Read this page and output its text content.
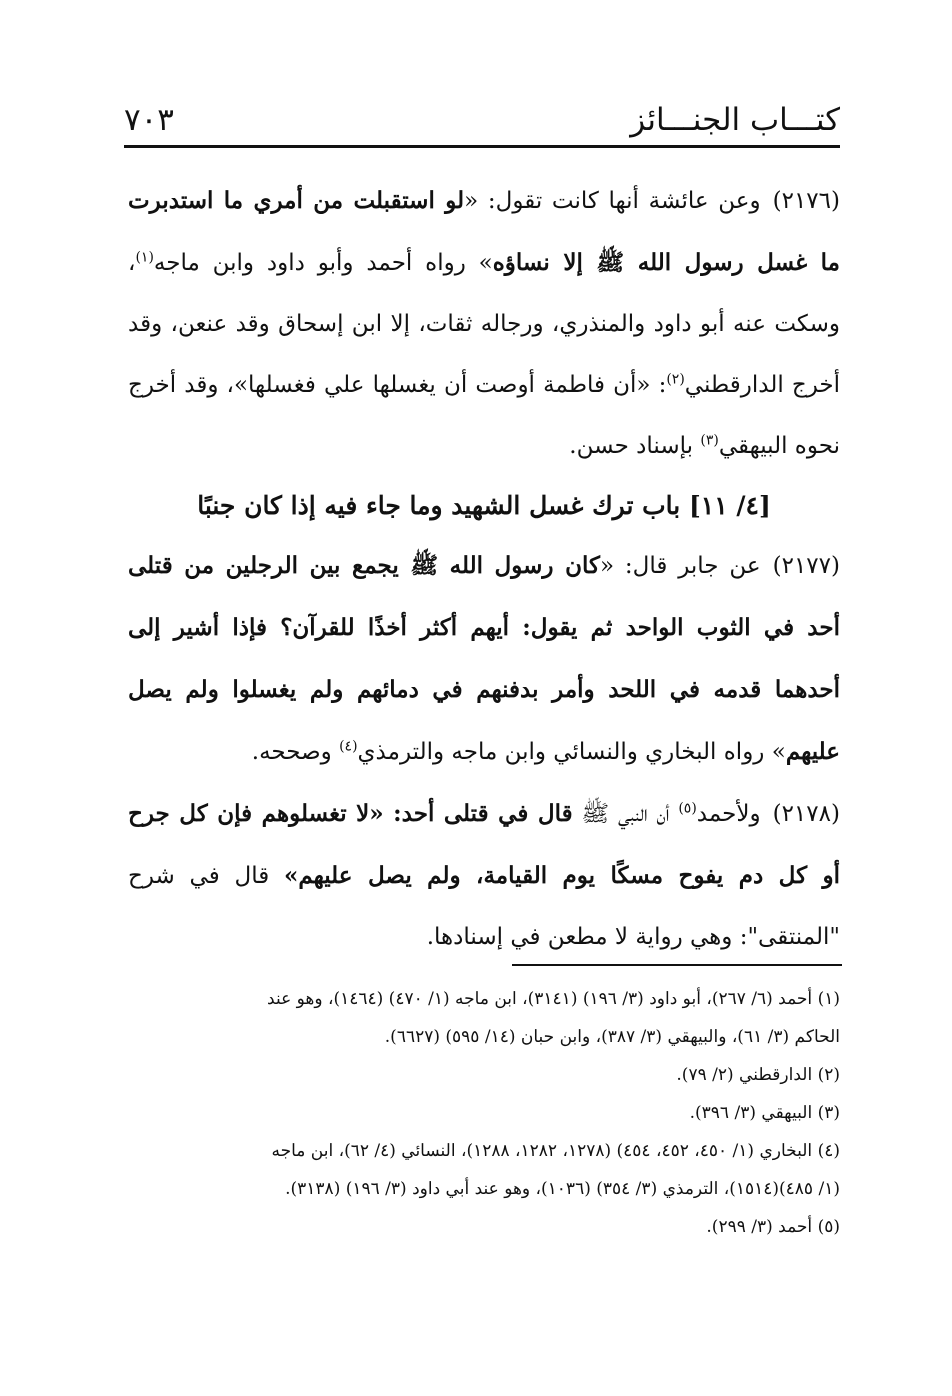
كتـــاب الجنـــائز
٧٠٣

(٢١٧٦)وعن عائشة أنها كانت تقول: «لو استقبلت من أمري ما استدبرت ما غسل رسول الله ﷺ إلا نساؤه» رواه أحمد وأبو داود وابن ماجه$^{(١)}$، وسكت عنه أبو داود والمنذري، ورجاله ثقات، إلا ابن إسحاق وقد عنعن، وقد أخرج الدارقطني$^{(٢)}$: «أن فاطمة أوصت أن يغسلها علي فغسلها»، وقد أخرج نحوه البيهقي$^{(٣)}$ بإسناد حسن.

[٤/ ١١] باب ترك غسل الشهيد وما جاء فيه إذا كان جنبًا

(٢١٧٧)عن جابر قال: «كان رسول الله ﷺ يجمع بين الرجلين من قتلى أحد في الثوب الواحد ثم يقول: أيهم أكثر أخذًا للقرآن؟ فإذا أشير إلى أحدهما قدمه في اللحد وأمر بدفنهم في دمائهم ولم يغسلوا ولم يصل عليهم» رواه البخاري والنسائي وابن ماجه والترمذي$^{(٤)}$ وصححه.

(٢١٧٨)ولأحمد$^{(٥)}$ أن النبي ﷺ قال في قتلى أحد: «لا تغسلوهم فإن كل جرح أو كل دم يفوح مسكًا يوم القيامة، ولم يصل عليهم» قال في شرح "المنتقى": وهي رواية لا مطعن في إسنادها.

(١) أحمد (٦/ ٢٦٧)، أبو داود (٣/ ١٩٦) (٣١٤١)، ابن ماجه (١/ ٤٧٠) (١٤٦٤)، وهو عند

الحاكم (٣/ ٦١)، والبيهقي (٣/ ٣٨٧)، وابن حبان (١٤/ ٥٩٥) (٦٦٢٧).

(٢) الدارقطني (٢/ ٧٩).

(٣) البيهقي (٣/ ٣٩٦).

(٤) البخاري (١/ ٤٥٠، ٤٥٢، ٤٥٤) (١٢٧٨، ١٢٨٢، ١٢٨٨)، النسائي (٤/ ٦٢)، ابن ماجه

(١/ ٤٨٥)(١٥١٤)، الترمذي (٣/ ٣٥٤) (١٠٣٦)، وهو عند أبي داود (٣/ ١٩٦) (٣١٣٨).

(٥) أحمد (٣/ ٢٩٩).
